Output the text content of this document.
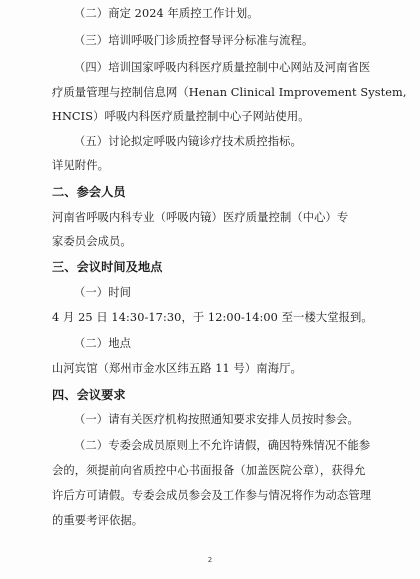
（二）商定 2024 年质控工作计划。
（三）培训呼吸门诊质控督导评分标准与流程。
（四）培训国家呼吸内科医疗质量控制中心网站及河南省医
疗质量管理与控制信息网（Henan Clinical Improvement System,
HNCIS）呼吸内科医疗质量控制中心子网站使用。
（五）讨论拟定呼吸内镜诊疗技术质控指标。
详见附件。
二、参会人员
河南省呼吸内科专业（呼吸内镜）医疗质量控制（中心）专
家委员会成员。
三、会议时间及地点
（一）时间
4 月 25 日 14:30-17:30，于 12:00-14:00 至一楼大堂报到。
（二）地点
山河宾馆（郑州市金水区纬五路 11 号）南海厅。
四、会议要求
（一）请有关医疗机构按照通知要求安排人员按时参会。
（二）专委会成员原则上不允许请假，确因特殊情况不能参
会的，须提前向省质控中心书面报备（加盖医院公章），获得允
许后方可请假。专委会成员参会及工作参与情况将作为动态管理
的重要考评依据。
2
